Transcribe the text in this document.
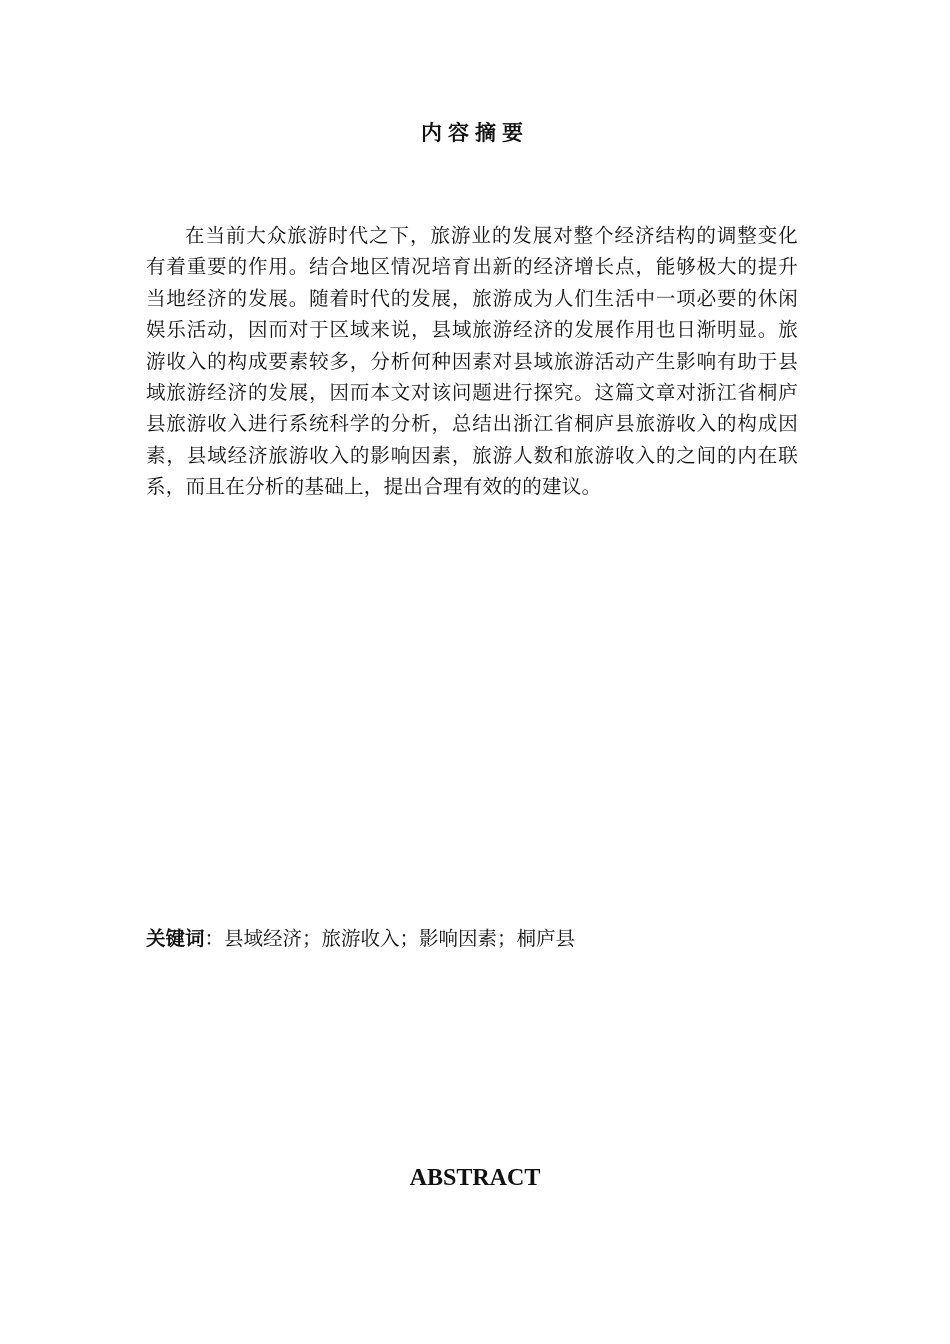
内容摘要

在当前大众旅游时代之下，旅游业的发展对整个经济结构的调整变化有着重要的作用。结合地区情况培育出新的经济增长点，能够极大的提升当地经济的发展。随着时代的发展，旅游成为人们生活中一项必要的休闲娱乐活动，因而对于区域来说，县域旅游经济的发展作用也日渐明显。旅游收入的构成要素较多，分析何种因素对县域旅游活动产生影响有助于县域旅游经济的发展，因而本文对该问题进行探究。这篇文章对浙江省桐庐县旅游收入进行系统科学的分析，总结出浙江省桐庐县旅游收入的构成因素，县域经济旅游收入的影响因素，旅游人数和旅游收入的之间的内在联系，而且在分析的基础上，提出合理有效的的建议。

关键词：县域经济；旅游收入；影响因素；桐庐县
ABSTRACT
